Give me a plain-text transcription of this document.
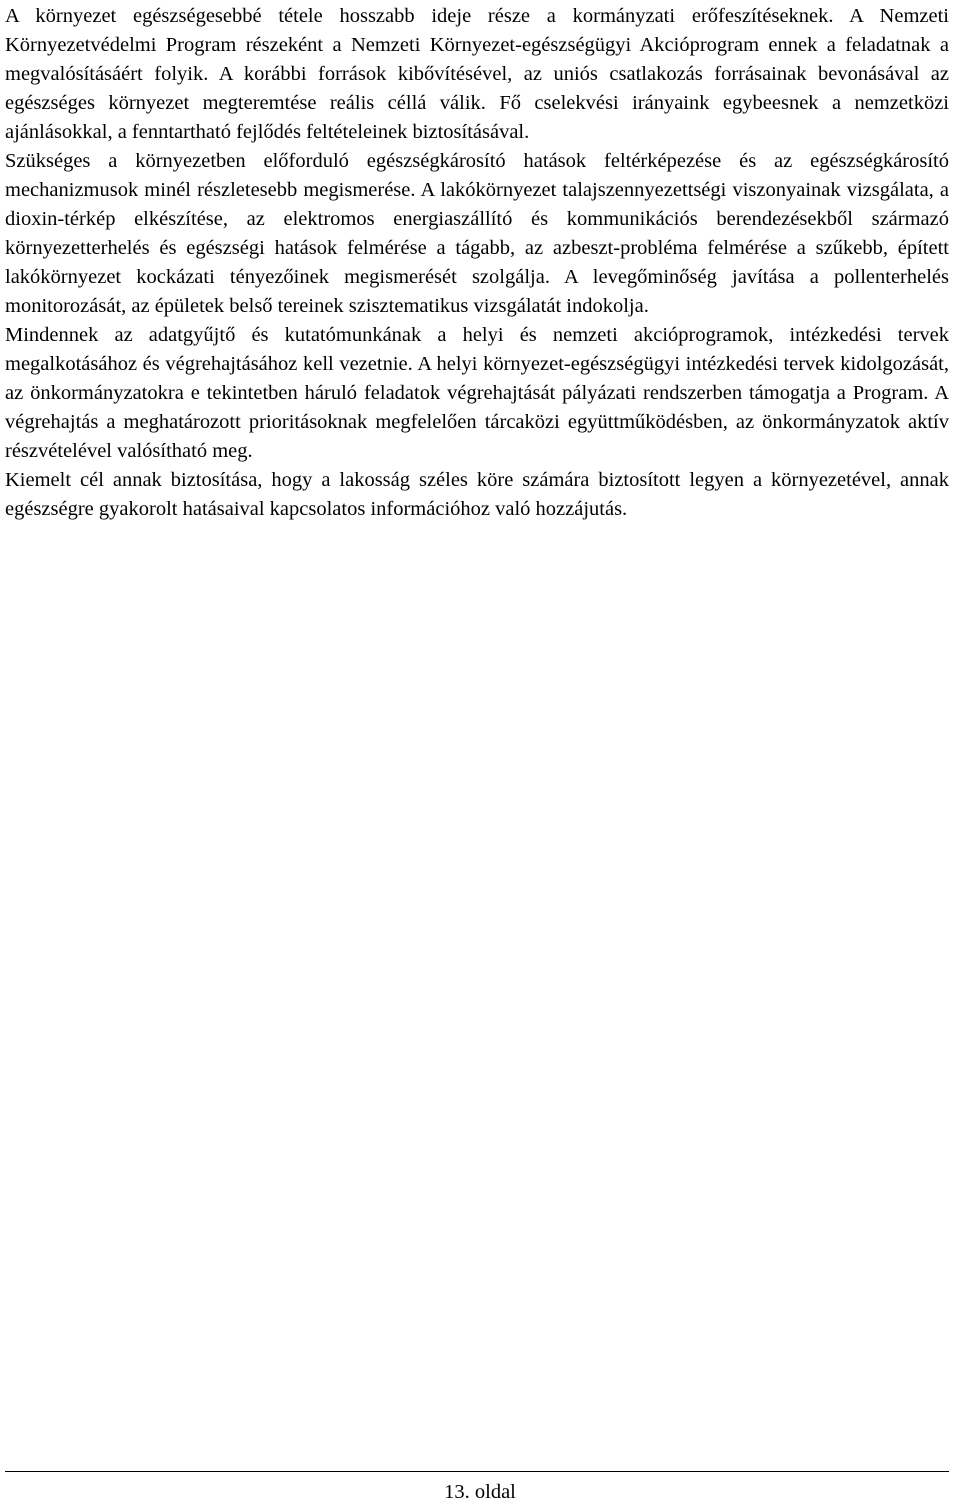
A környezet egészségesebbé tétele hosszabb ideje része a kormányzati erőfeszítéseknek. A Nemzeti Környezetvédelmi Program részeként a Nemzeti Környezet-egészségügyi Akcióprogram ennek a feladatnak a megvalósításáért folyik. A korábbi források kibővítésével, az uniós csatlakozás forrásainak bevonásával az egészséges környezet megteremtése reális céllá válik. Fő cselekvési irányaink egybeesnek a nemzetközi ajánlásokkal, a fenntartható fejlődés feltételeinek biztosításával.

Szükséges a környezetben előforduló egészségkárosító hatások feltérképezése és az egészségkárosító mechanizmusok minél részletesebb megismerése. A lakókörnyezet talajszennyezettségi viszonyainak vizsgálata, a dioxin-térkép elkészítése, az elektromos energiaszállító és kommunikációs berendezésekből származó környezetterhelés és egészségi hatások felmérése a tágabb, az azbeszt-probléma felmérése a szűkebb, épített lakókörnyezet kockázati tényezőinek megismerését szolgálja. A levegőminőség javítása a pollenterhelés monitorozását, az épületek belső tereinek szisztematikus vizsgálatát indokolja.

Mindennek az adatgyűjtő és kutatómunkának a helyi és nemzeti akcióprogramok, intézkedési tervek megalkotásához és végrehajtásához kell vezetnie. A helyi környezet-egészségügyi intézkedési tervek kidolgozását, az önkormányzatokra e tekintetben háruló feladatok végrehajtását pályázati rendszerben támogatja a Program. A végrehajtás a meghatározott prioritásoknak megfelelően tárcaközi együttműködésben, az önkormányzatok aktív részvételével valósítható meg.

Kiemelt cél annak biztosítása, hogy a lakosság széles köre számára biztosított legyen a környezetével, annak egészségre gyakorolt hatásaival kapcsolatos információhoz való hozzájutás.

13. oldal
